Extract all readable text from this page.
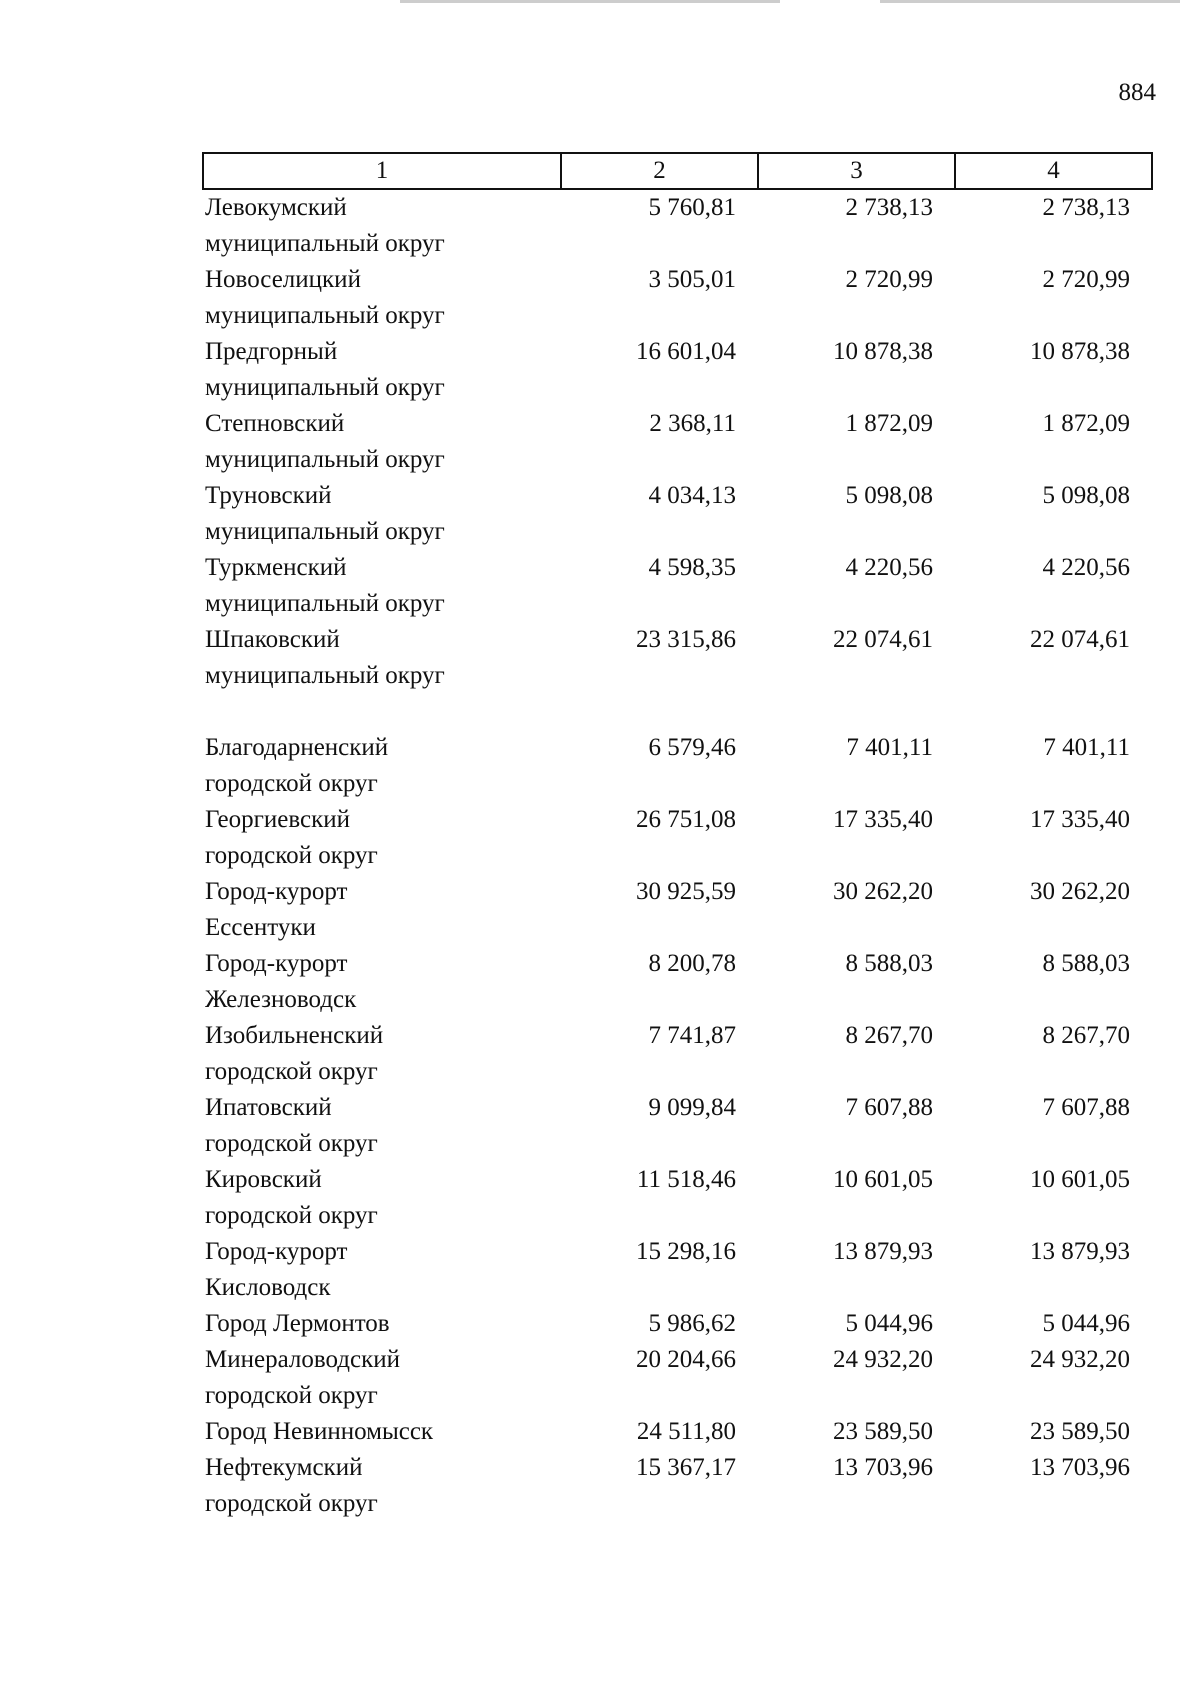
884
1	2	3	4
Левокумский
муниципальный округ	5 760,81	2 738,13	2 738,13
Новоселицкий
муниципальный округ	3 505,01	2 720,99	2 720,99
Предгорный
муниципальный округ	16 601,04	10 878,38	10 878,38
Степновский
муниципальный округ	2 368,11	1 872,09	1 872,09
Труновский
муниципальный округ	4 034,13	5 098,08	5 098,08
Туркменский
муниципальный округ	4 598,35	4 220,56	4 220,56
Шпаковский
муниципальный округ	23 315,86	22 074,61	22 074,61

Благодарненский
городской округ	6 579,46	7 401,11	7 401,11
Георгиевский
городской округ	26 751,08	17 335,40	17 335,40
Город-курорт
Ессентуки	30 925,59	30 262,20	30 262,20
Город-курорт
Железноводск	8 200,78	8 588,03	8 588,03
Изобильненский
городской округ	7 741,87	8 267,70	8 267,70
Ипатовский
городской округ	9 099,84	7 607,88	7 607,88
Кировский
городской округ	11 518,46	10 601,05	10 601,05
Город-курорт
Кисловодск	15 298,16	13 879,93	13 879,93
Город Лермонтов	5 986,62	5 044,96	5 044,96
Минераловодский
городской округ	20 204,66	24 932,20	24 932,20
Город Невинномысск	24 511,80	23 589,50	23 589,50
Нефтекумский
городской округ	15 367,17	13 703,96	13 703,96
